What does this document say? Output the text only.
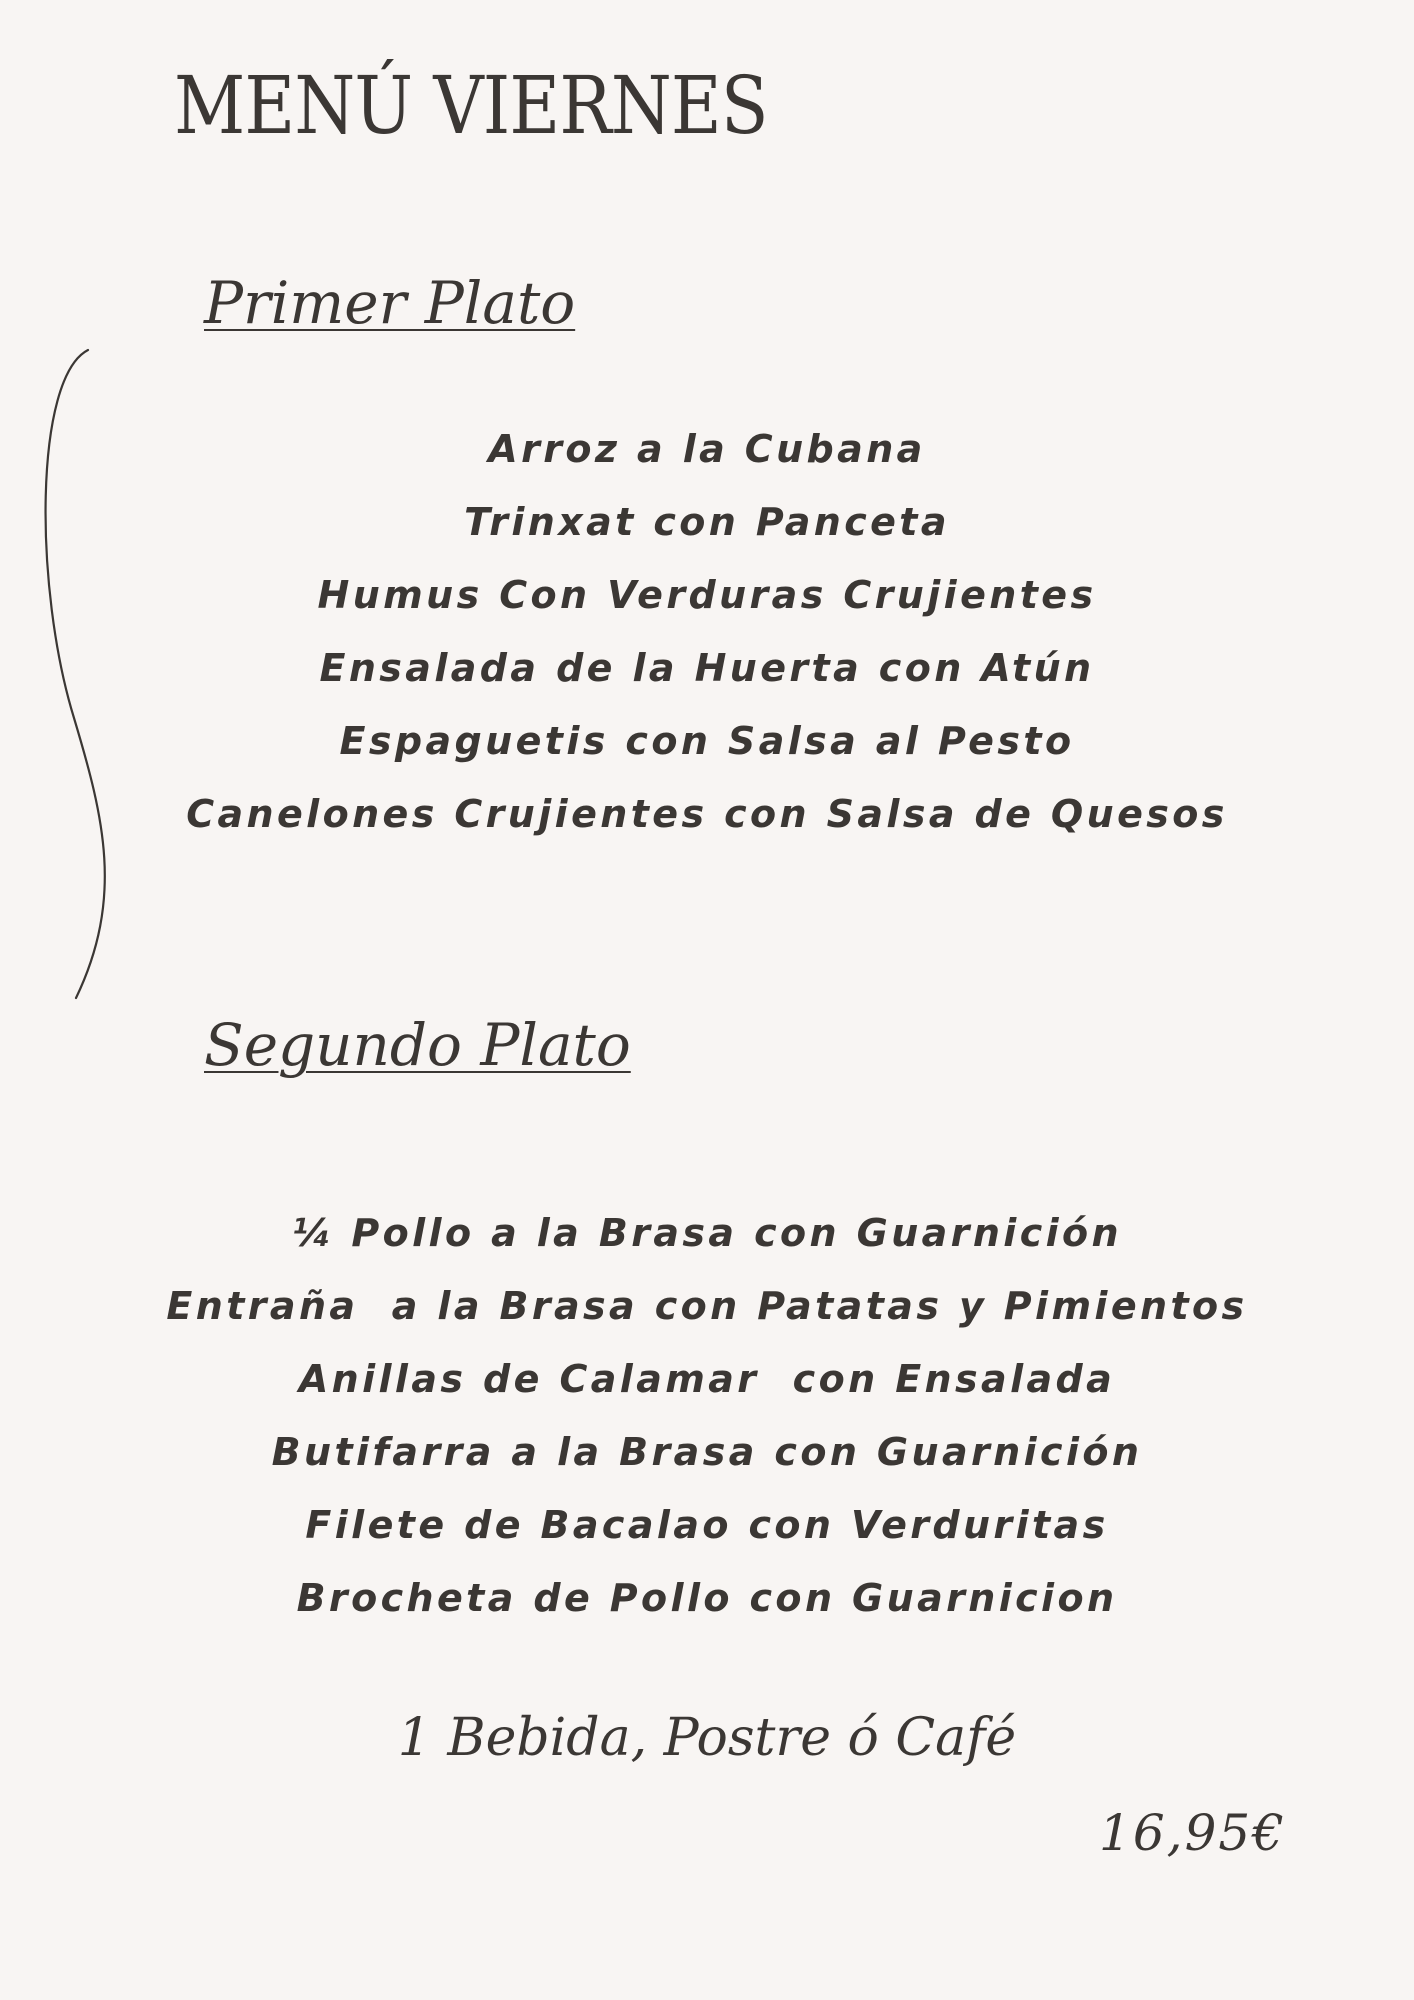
MENÚ VIERNES
Primer Plato
Arroz a la Cubana
Trinxat con Panceta
Humus Con Verduras Crujientes
Ensalada de la Huerta con Atún
Espaguetis con Salsa al Pesto
Canelones Crujientes con Salsa de Quesos
Segundo Plato
¼ Pollo a la Brasa con Guarnición
Entraña  a la Brasa con Patatas y Pimientos
Anillas de Calamar  con Ensalada
Butifarra a la Brasa con Guarnición
Filete de Bacalao con Verduritas
Brocheta de Pollo con Guarnicion

1 Bebida, Postre ó Café

16,95€
